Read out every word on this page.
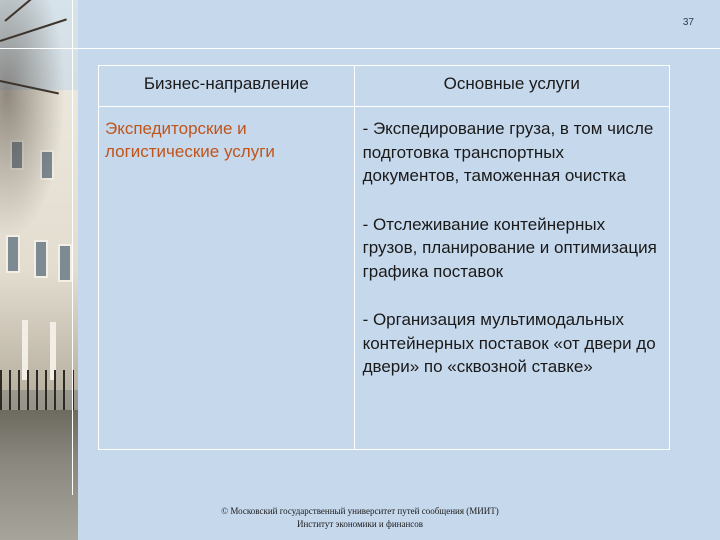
37
Бизнес-направление	Основные услуги
Экспедиторские и логистические услуги	- Экспедирование груза, в том числе подготовка транспортных документов, таможенная очистка

- Отслеживание контейнерных грузов, планирование и оптимизация графика поставок

- Организация мультимодальных контейнерных поставок «от двери до двери» по «сквозной ставке»

© Московский государственный университет путей сообщения (МИИТ)
Институт экономики и финансов
